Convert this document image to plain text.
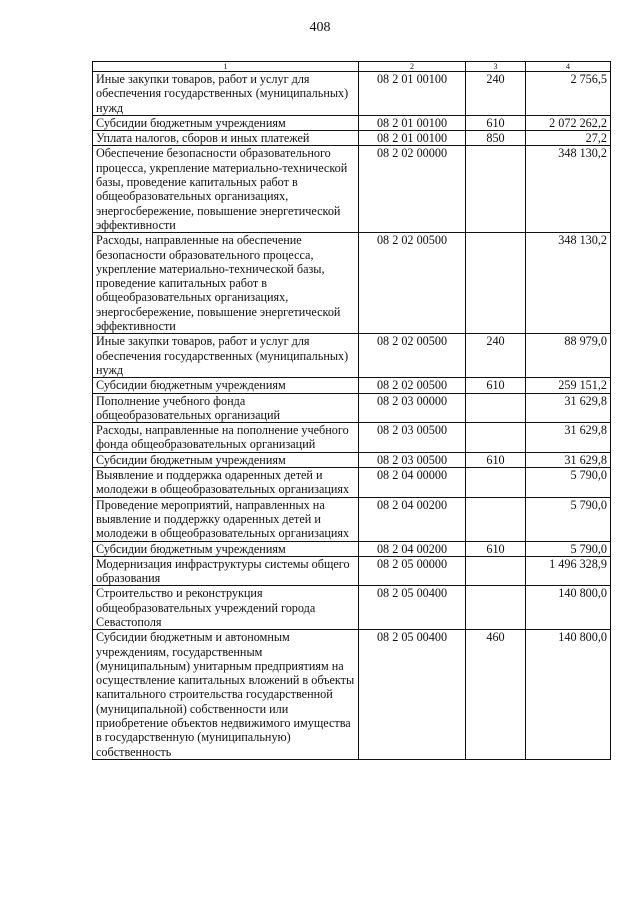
408
1	2	3	4
Иные закупки товаров, работ и услуг для обеспечения государственных (муниципальных) нужд	08 2 01 00100	240	2 756,5
Субсидии бюджетным учреждениям	08 2 01 00100	610	2 072 262,2
Уплата налогов, сборов и иных платежей	08 2 01 00100	850	27,2
Обеспечение безопасности образовательного процесса, укрепление материально-технической базы, проведение капитальных работ в общеобразовательных организациях, энергосбережение, повышение энергетической эффективности	08 2 02 00000		348 130,2
Расходы, направленные на обеспечение безопасности образовательного процесса, укрепление материально-технической базы, проведение капитальных работ в общеобразовательных организациях, энергосбережение, повышение энергетической эффективности	08 2 02 00500		348 130,2
Иные закупки товаров, работ и услуг для обеспечения государственных (муниципальных) нужд	08 2 02 00500	240	88 979,0
Субсидии бюджетным учреждениям	08 2 02 00500	610	259 151,2
Пополнение учебного фонда общеобразовательных организаций	08 2 03 00000		31 629,8
Расходы, направленные на пополнение учебного фонда общеобразовательных организаций	08 2 03 00500		31 629,8
Субсидии бюджетным учреждениям	08 2 03 00500	610	31 629,8
Выявление и поддержка одаренных детей и молодежи в общеобразовательных организациях	08 2 04 00000		5 790,0
Проведение мероприятий, направленных на выявление и поддержку одаренных детей и молодежи в общеобразовательных организациях	08 2 04 00200		5 790,0
Субсидии бюджетным учреждениям	08 2 04 00200	610	5 790,0
Модернизация инфраструктуры системы общего образования	08 2 05 00000		1 496 328,9
Строительство и реконструкция общеобразовательных учреждений города Севастополя	08 2 05 00400		140 800,0
Субсидии бюджетным и автономным учреждениям, государственным (муниципальным) унитарным предприятиям на осуществление капитальных вложений в объекты капитального строительства государственной (муниципальной) собственности или приобретение объектов недвижимого имущества в государственную (муниципальную) собственность	08 2 05 00400	460	140 800,0
